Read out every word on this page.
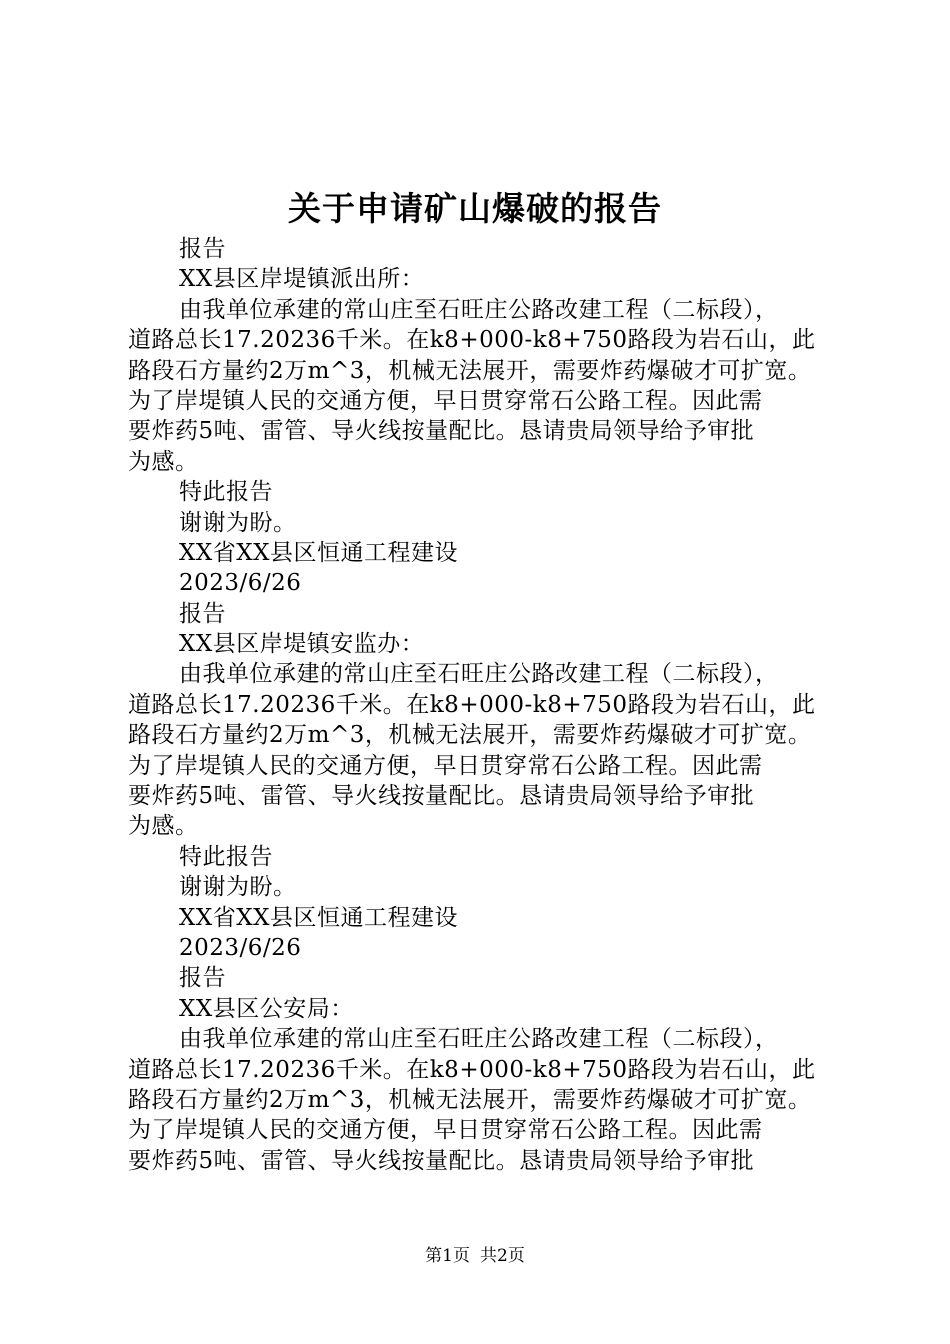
关于申请矿山爆破的报告
报告
XX县区岸堤镇派出所：
由我单位承建的常山庄至石旺庄公路改建工程（二标段），
道路总长17.20236千米。在k8+000-k8+750路段为岩石山，此
路段石方量约2万m^3，机械无法展开，需要炸药爆破才可扩宽。
为了岸堤镇人民的交通方便，早日贯穿常石公路工程。因此需
要炸药5吨、雷管、导火线按量配比。恳请贵局领导给予审批
为感。
特此报告
谢谢为盼。
XX省XX县区恒通工程建设
2023/6/26
报告
XX县区岸堤镇安监办：
由我单位承建的常山庄至石旺庄公路改建工程（二标段），
道路总长17.20236千米。在k8+000-k8+750路段为岩石山，此
路段石方量约2万m^3，机械无法展开，需要炸药爆破才可扩宽。
为了岸堤镇人民的交通方便，早日贯穿常石公路工程。因此需
要炸药5吨、雷管、导火线按量配比。恳请贵局领导给予审批
为感。
特此报告
谢谢为盼。
XX省XX县区恒通工程建设
2023/6/26
报告
XX县区公安局：
由我单位承建的常山庄至石旺庄公路改建工程（二标段），
道路总长17.20236千米。在k8+000-k8+750路段为岩石山，此
路段石方量约2万m^3，机械无法展开，需要炸药爆破才可扩宽。
为了岸堤镇人民的交通方便，早日贯穿常石公路工程。因此需
要炸药5吨、雷管、导火线按量配比。恳请贵局领导给予审批
第1页 共2页
